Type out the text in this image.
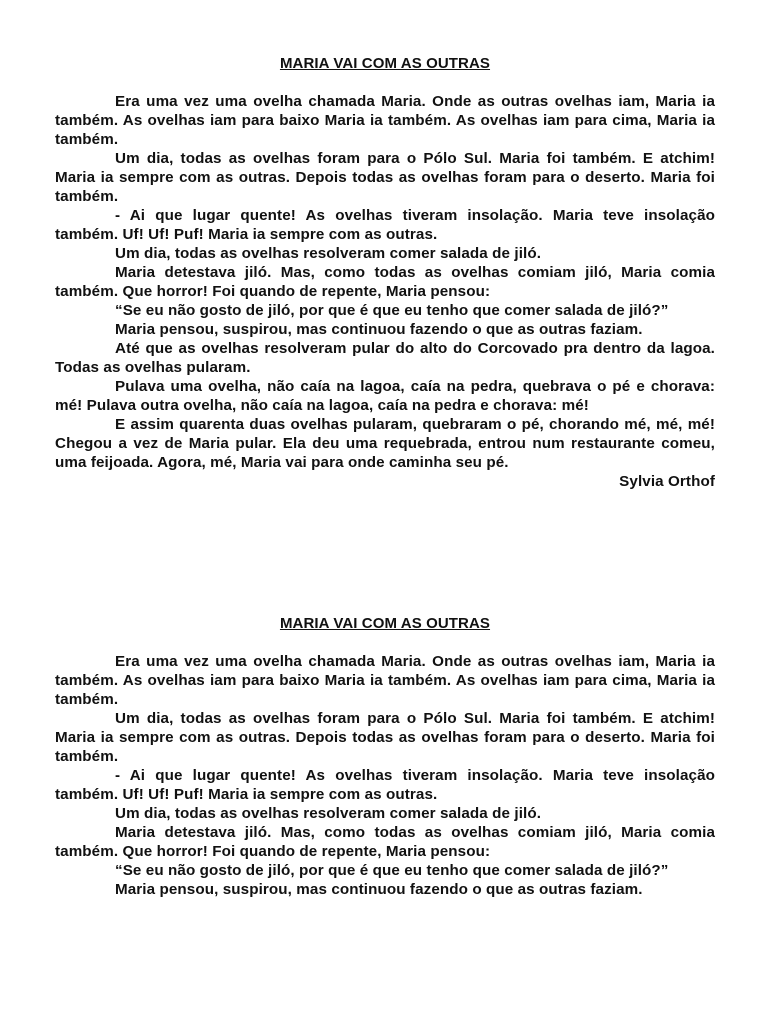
MARIA VAI COM AS OUTRAS

Era uma vez uma ovelha chamada Maria. Onde as outras ovelhas iam, Maria ia também. As ovelhas iam para baixo Maria ia também. As ovelhas iam para cima, Maria ia também.

Um dia, todas as ovelhas foram para o Pólo Sul. Maria foi também. E atchim! Maria ia sempre com as outras. Depois todas as ovelhas foram para o deserto. Maria foi também.

- Ai que lugar quente! As ovelhas tiveram insolação. Maria teve insolação também. Uf! Uf! Puf! Maria ia sempre com as outras.

Um dia, todas as ovelhas resolveram comer salada de jiló.

Maria detestava jiló. Mas, como todas as ovelhas comiam jiló, Maria comia também. Que horror! Foi quando de repente, Maria pensou:

“Se eu não gosto de jiló, por que é que eu tenho que comer salada de jiló?”

Maria pensou, suspirou, mas continuou fazendo o que as outras faziam.

Até que as ovelhas resolveram pular do alto do Corcovado pra dentro da lagoa. Todas as ovelhas pularam.

Pulava uma ovelha, não caía na lagoa, caía na pedra, quebrava o pé e chorava: mé! Pulava outra ovelha, não caía na lagoa, caía na pedra e chorava: mé!

E assim quarenta duas ovelhas pularam, quebraram o pé, chorando mé, mé, mé! Chegou a vez de Maria pular. Ela deu uma requebrada, entrou num restaurante comeu, uma feijoada. Agora, mé, Maria vai para onde caminha seu pé.

Sylvia Orthof

MARIA VAI COM AS OUTRAS

Era uma vez uma ovelha chamada Maria. Onde as outras ovelhas iam, Maria ia também. As ovelhas iam para baixo Maria ia também. As ovelhas iam para cima, Maria ia também.

Um dia, todas as ovelhas foram para o Pólo Sul. Maria foi também. E atchim! Maria ia sempre com as outras. Depois todas as ovelhas foram para o deserto. Maria foi também.

- Ai que lugar quente! As ovelhas tiveram insolação. Maria teve insolação também. Uf! Uf! Puf! Maria ia sempre com as outras.

Um dia, todas as ovelhas resolveram comer salada de jiló.

Maria detestava jiló. Mas, como todas as ovelhas comiam jiló, Maria comia também. Que horror! Foi quando de repente, Maria pensou:

“Se eu não gosto de jiló, por que é que eu tenho que comer salada de jiló?”

Maria pensou, suspirou, mas continuou fazendo o que as outras faziam.
